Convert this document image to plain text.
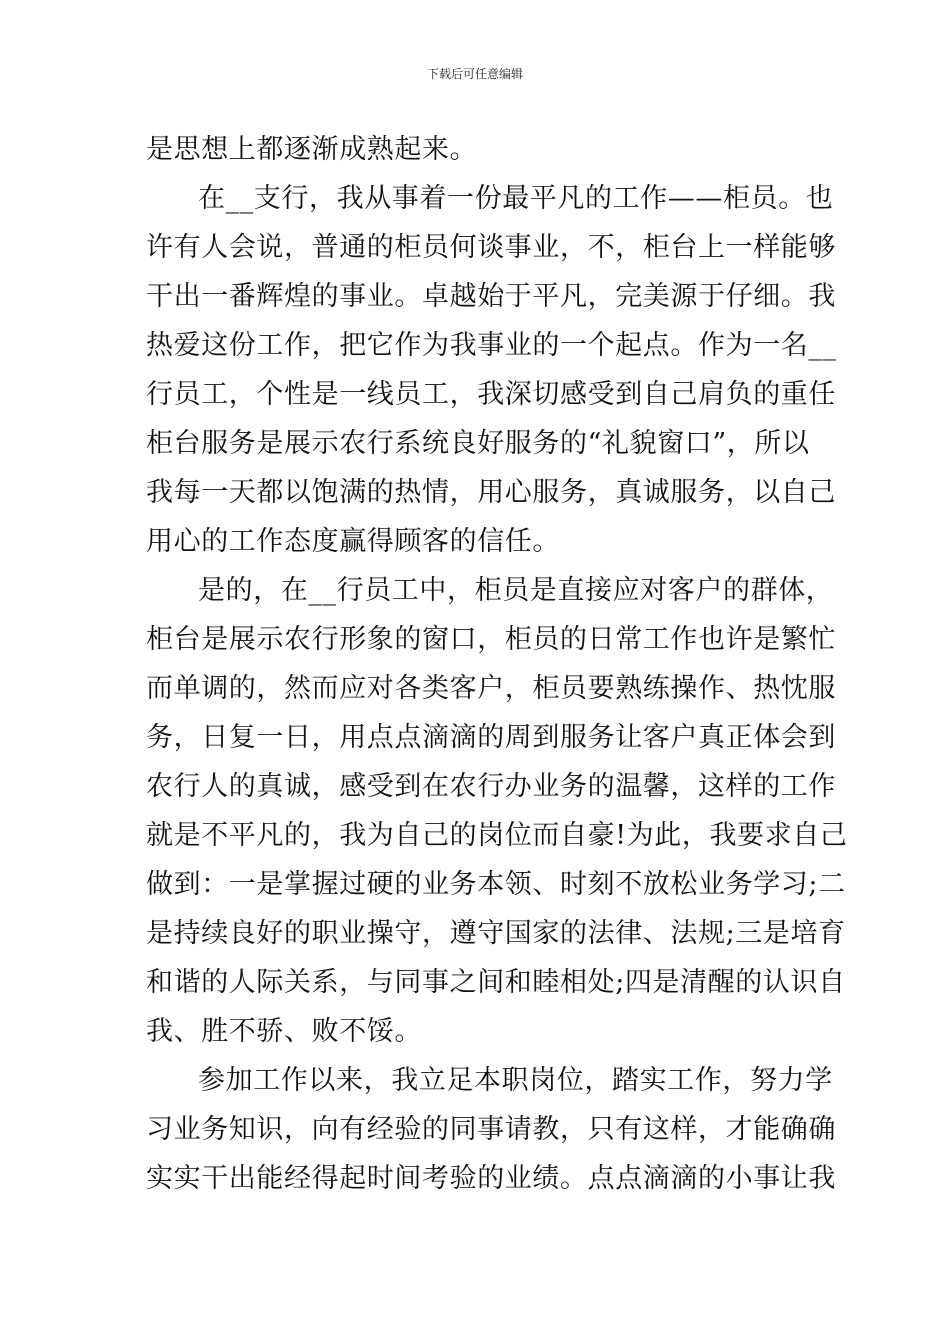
下载后可任意编辑
是思想上都逐渐成熟起来。
在__支行，我从事着一份最平凡的工作——柜员。也
许有人会说，普通的柜员何谈事业，不，柜台上一样能够
干出一番辉煌的事业。卓越始于平凡，完美源于仔细。我
热爱这份工作，把它作为我事业的一个起点。作为一名__
行员工，个性是一线员工，我深切感受到自己肩负的重任
柜台服务是展示农行系统良好服务的“礼貌窗口”，所以
我每一天都以饱满的热情，用心服务，真诚服务，以自己
用心的工作态度赢得顾客的信任。
是的，在__行员工中，柜员是直接应对客户的群体，
柜台是展示农行形象的窗口，柜员的日常工作也许是繁忙
而单调的，然而应对各类客户，柜员要熟练操作、热忱服
务，日复一日，用点点滴滴的周到服务让客户真正体会到
农行人的真诚，感受到在农行办业务的温馨，这样的工作
就是不平凡的，我为自己的岗位而自豪!为此，我要求自己
做到：一是掌握过硬的业务本领、时刻不放松业务学习;二
是持续良好的职业操守，遵守国家的法律、法规;三是培育
和谐的人际关系，与同事之间和睦相处;四是清醒的认识自
我、胜不骄、败不馁。
参加工作以来，我立足本职岗位，踏实工作，努力学
习业务知识，向有经验的同事请教，只有这样，才能确确
实实干出能经得起时间考验的业绩。点点滴滴的小事让我
